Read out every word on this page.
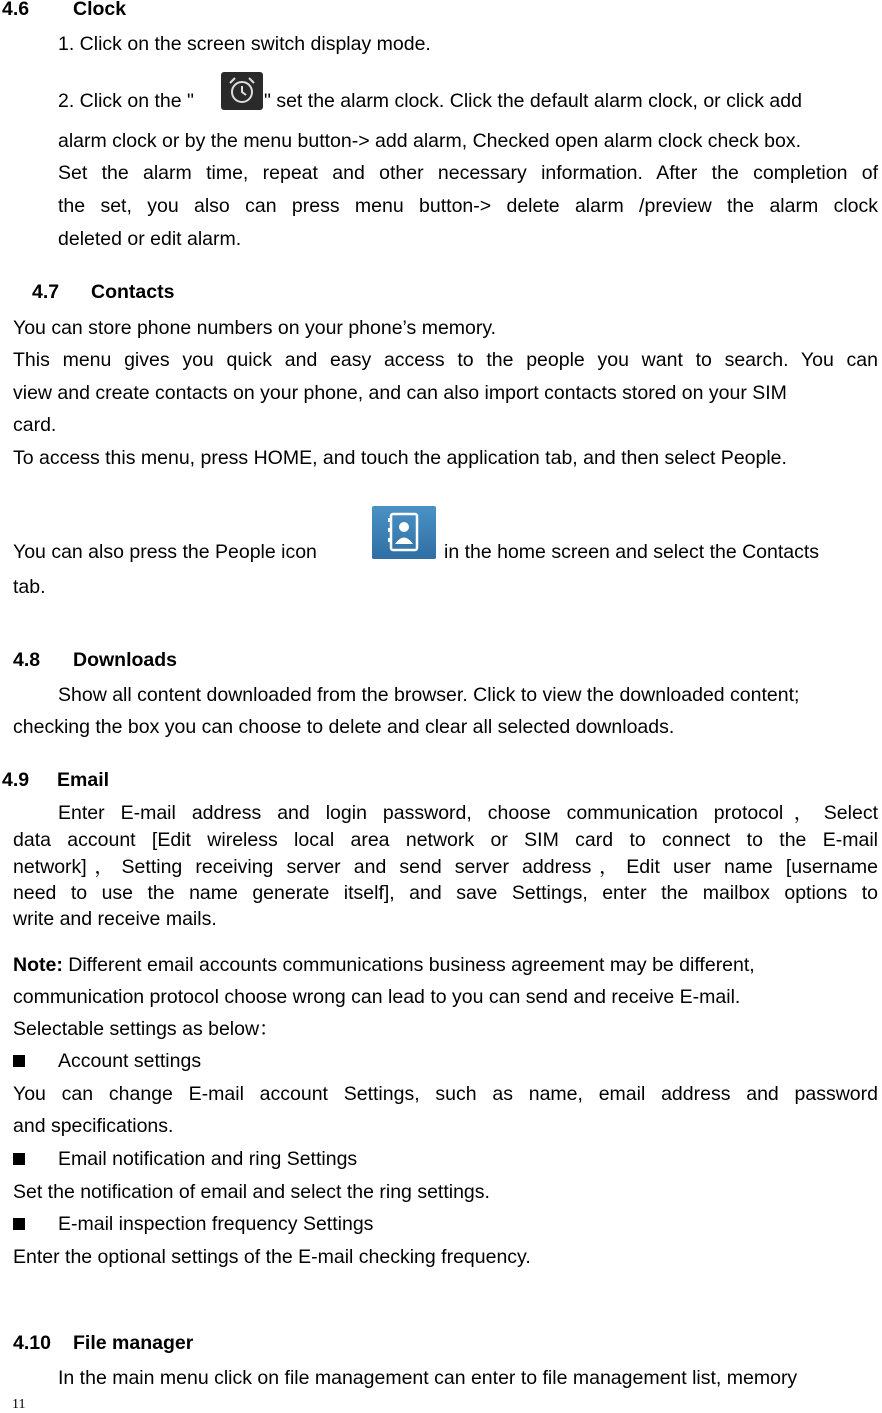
4.6 Clock
1. Click on the screen switch display mode.
2. Click on the "	" set the alarm clock. Click the default alarm clock, or click add
alarm clock or by the menu button-> add alarm, Checked open alarm clock check box.
Set the alarm time, repeat and other necessary information. After the completion of
the set, you also can press menu button-> delete alarm /preview the alarm clock
deleted or edit alarm.
4.7 Contacts
You can store phone numbers on your phone’s memory.
This menu gives you quick and easy access to the people you want to search. You can
view and create contacts on your phone, and can also import contacts stored on your SIM
card.
To access this menu, press HOME, and touch the application tab, and then select People.
You can also press the People icon	in the home screen and select the Contacts
tab.
4.8 Downloads
Show all content downloaded from the browser. Click to view the downloaded content;
checking the box you can choose to delete and clear all selected downloads.
4.9 Email
Enter E-mail address and login password, choose communication protocol，Select
data account [Edit wireless local area network or SIM card to connect to the E-mail
network]，Setting receiving server and send server address，Edit user name [username
need to use the name generate itself], and save Settings, enter the mailbox options to
write and receive mails.
Note: Different email accounts communications business agreement may be different,
communication protocol choose wrong can lead to you can send and receive E-mail.
Selectable settings as below：
Account settings
You can change E-mail account Settings, such as name, email address and password
and specifications.
Email notification and ring Settings
Set the notification of email and select the ring settings.
E-mail inspection frequency Settings
Enter the optional settings of the E-mail checking frequency.
4.10 File manager
In the main menu click on file management can enter to file management list, memory
11
